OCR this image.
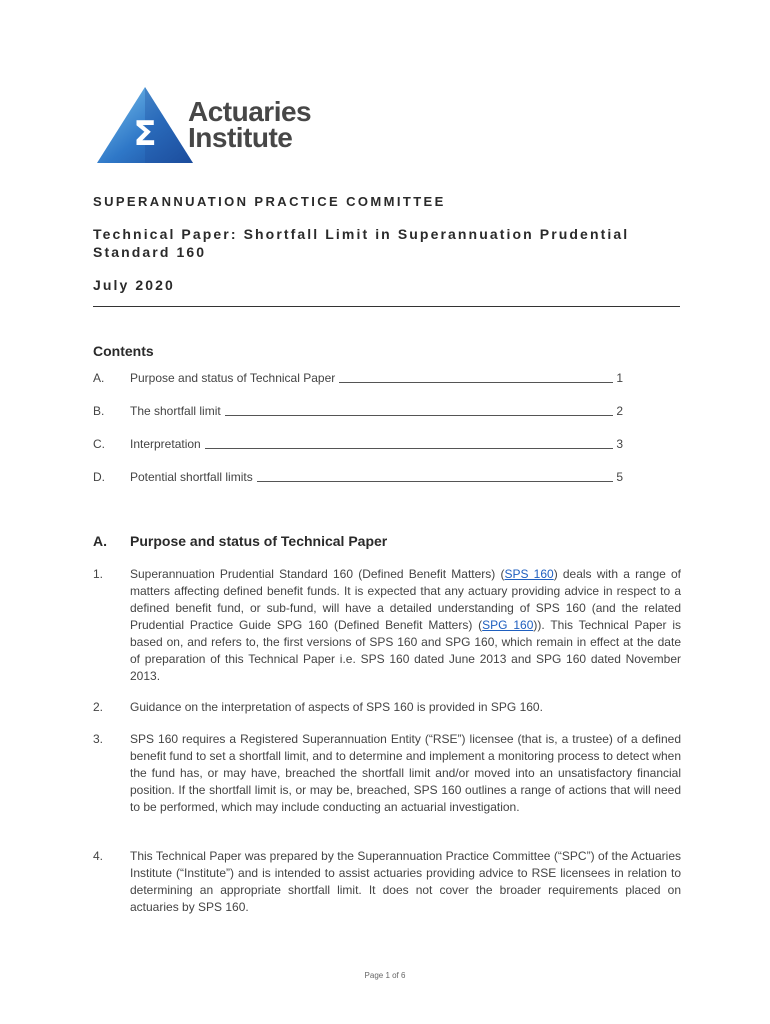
Σ
Actuaries
Institute
SUPERANNUATION PRACTICE COMMITTEE
Technical Paper: Shortfall Limit in Superannuation Prudential Standard 160
July 2020
Contents
A. Purpose and status of Technical Paper	1
B. The shortfall limit	2
C. Interpretation	3
D. Potential shortfall limits	5
A. Purpose and status of Technical Paper
1. Superannuation Prudential Standard 160 (Defined Benefit Matters) (SPS 160) deals with a range of matters affecting defined benefit funds. It is expected that any actuary providing advice in respect to a defined benefit fund, or sub-fund, will have a detailed understanding of SPS 160 (and the related Prudential Practice Guide SPG 160 (Defined Benefit Matters) (SPG 160)). This Technical Paper is based on, and refers to, the first versions of SPS 160 and SPG 160, which remain in effect at the date of preparation of this Technical Paper i.e. SPS 160 dated June 2013 and SPG 160 dated November 2013.
2. Guidance on the interpretation of aspects of SPS 160 is provided in SPG 160.
3. SPS 160 requires a Registered Superannuation Entity (“RSE”) licensee (that is, a trustee) of a defined benefit fund to set a shortfall limit, and to determine and implement a monitoring process to detect when the fund has, or may have, breached the shortfall limit and/or moved into an unsatisfactory financial position. If the shortfall limit is, or may be, breached, SPS 160 outlines a range of actions that will need to be performed, which may include conducting an actuarial investigation.
4. This Technical Paper was prepared by the Superannuation Practice Committee (“SPC”) of the Actuaries Institute (“Institute”) and is intended to assist actuaries providing advice to RSE licensees in relation to determining an appropriate shortfall limit. It does not cover the broader requirements placed on actuaries by SPS 160.
Page 1 of 6
